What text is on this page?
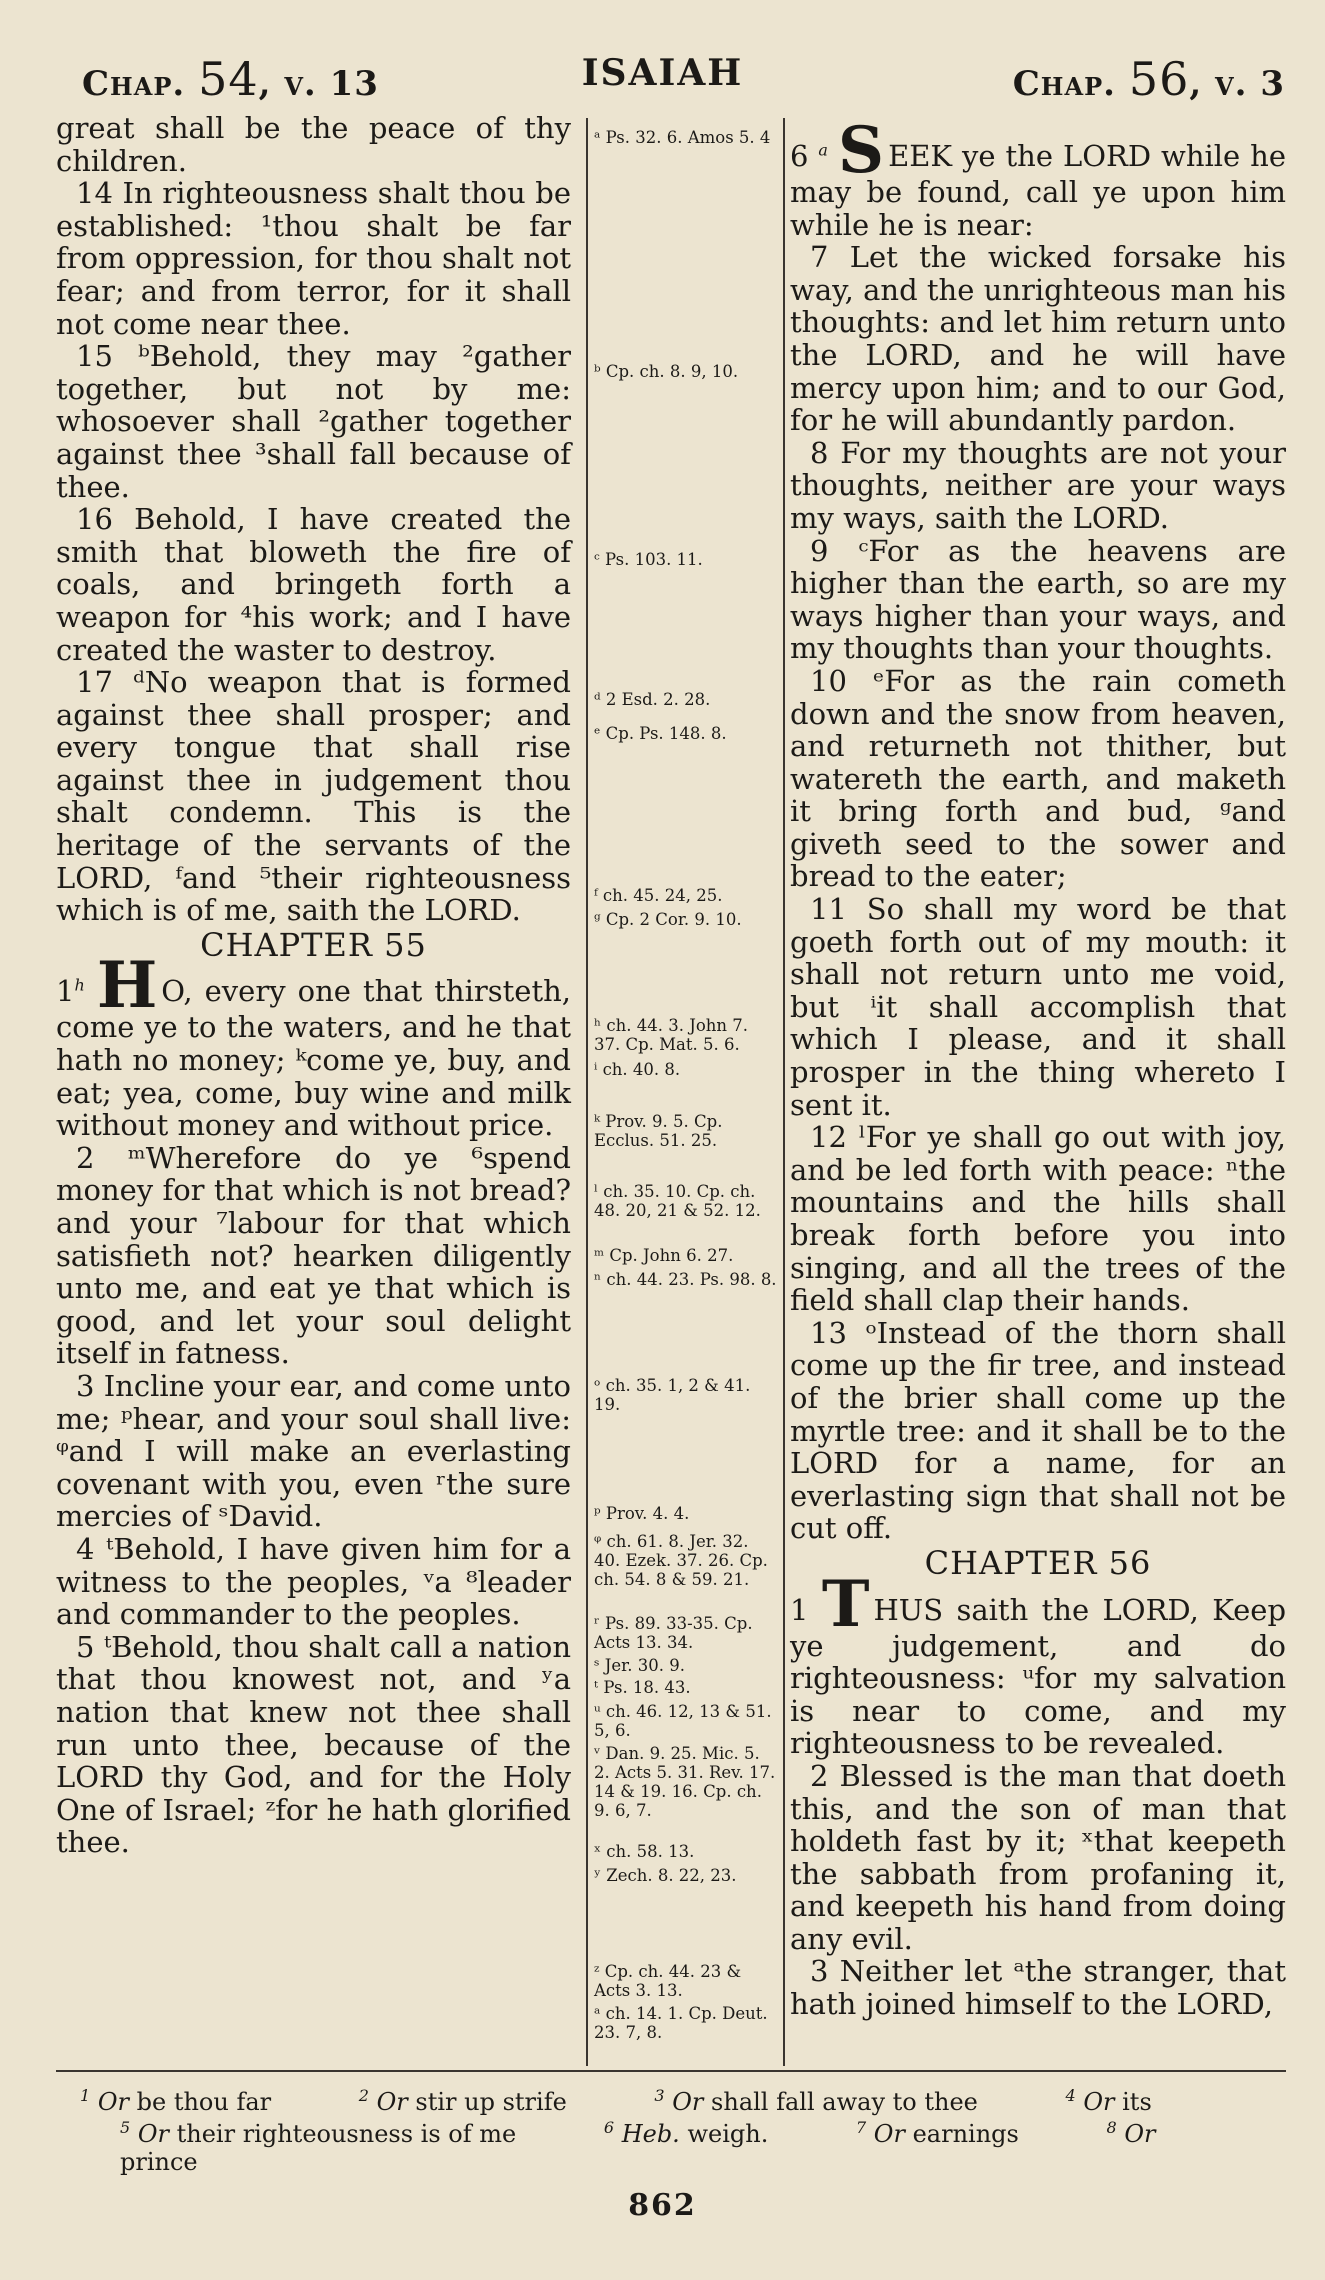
Chap. 54, v. 13	ISAIAH	Chap. 56, v. 3

great shall be the peace of thy children.

14 In righteousness shalt thou be established: ¹thou shalt be far from oppression, for thou shalt not fear; and from terror, for it shall not come near thee.

15 ᵇBehold, they may ²gather together, but not by me: whosoever shall ²gather together against thee ³shall fall because of thee.

16 Behold, I have created the smith that bloweth the fire of coals, and bringeth forth a weapon for ⁴his work; and I have created the waster to destroy.

17 ᵈNo weapon that is formed against thee shall prosper; and every tongue that shall rise against thee in judgement thou shalt condemn. This is the heritage of the servants of the LORD, ᶠand ⁵their righteousness which is of me, saith the LORD.

CHAPTER 55

1$^h$ H O, every one that thirsteth, come ye to the waters, and he that hath no money; ᵏcome ye, buy, and eat; yea, come, buy wine and milk without money and without price.

2 ᵐWherefore do ye ⁶spend money for that which is not bread? and your ⁷labour for that which satisfieth not? hearken diligently unto me, and eat ye that which is good, and let your soul delight itself in fatness.

3 Incline your ear, and come unto me; ᵖhear, and your soul shall live: ᵠand I will make an everlasting covenant with you, even ʳthe sure mercies of ˢDavid.

4 ᵗBehold, I have given him for a witness to the peoples, ᵛa ⁸leader and commander to the peoples.

5 ᵗBehold, thou shalt call a nation that thou knowest not, and ʸa nation that knew not thee shall run unto thee, because of the LORD thy God, and for the Holy One of Israel; ᶻfor he hath glorified thee.

ᵃ Ps. 32. 6. Amos 5. 4
ᵇ Cp. ch. 8. 9, 10.
ᶜ Ps. 103. 11.
ᵈ 2 Esd. 2. 28.
ᵉ Cp. Ps. 148. 8.
ᶠ ch. 45. 24, 25.
ᵍ Cp. 2 Cor. 9. 10.
ʰ ch. 44. 3. John 7. 37. Cp. Mat. 5. 6.
ⁱ ch. 40. 8.
ᵏ Prov. 9. 5. Cp. Ecclus. 51. 25.
ˡ ch. 35. 10. Cp. ch. 48. 20, 21 & 52. 12.
ᵐ Cp. John 6. 27.
ⁿ ch. 44. 23. Ps. 98. 8.
ᵒ ch. 35. 1, 2 & 41. 19.
ᵖ Prov. 4. 4.
ᵠ ch. 61. 8. Jer. 32. 40. Ezek. 37. 26. Cp. ch. 54. 8 & 59. 21.
ʳ Ps. 89. 33-35. Cp. Acts 13. 34.
ˢ Jer. 30. 9.
ᵗ Ps. 18. 43.
ᵘ ch. 46. 12, 13 & 51. 5, 6.
ᵛ Dan. 9. 25. Mic. 5. 2. Acts 5. 31. Rev. 17. 14 & 19. 16. Cp. ch. 9. 6, 7.
ˣ ch. 58. 13.
ʸ Zech. 8. 22, 23.
ᶻ Cp. ch. 44. 23 & Acts 3. 13.
ᵃ ch. 14. 1. Cp. Deut. 23. 7, 8.

6 $^a$ S EEK ye the LORD while he may be found, call ye upon him while he is near:

7 Let the wicked forsake his way, and the unrighteous man his thoughts: and let him return unto the LORD, and he will have mercy upon him; and to our God, for he will abundantly pardon.

8 For my thoughts are not your thoughts, neither are your ways my ways, saith the LORD.

9 ᶜFor as the heavens are higher than the earth, so are my ways higher than your ways, and my thoughts than your thoughts.

10 ᵉFor as the rain cometh down and the snow from heaven, and returneth not thither, but watereth the earth, and maketh it bring forth and bud, ᵍand giveth seed to the sower and bread to the eater;

11 So shall my word be that goeth forth out of my mouth: it shall not return unto me void, but ⁱit shall accomplish that which I please, and it shall prosper in the thing whereto I sent it.

12 ˡFor ye shall go out with joy, and be led forth with peace: ⁿthe mountains and the hills shall break forth before you into singing, and all the trees of the field shall clap their hands.

13 ᵒInstead of the thorn shall come up the fir tree, and instead of the brier shall come up the myrtle tree: and it shall be to the LORD for a name, for an everlasting sign that shall not be cut off.

CHAPTER 56

1 T HUS saith the LORD, Keep ye judgement, and do righteousness: ᵘfor my salvation is near to come, and my righteousness to be revealed.

2 Blessed is the man that doeth this, and the son of man that holdeth fast by it; ˣthat keepeth the sabbath from profaning it, and keepeth his hand from doing any evil.

3 Neither let ᵃthe stranger, that hath joined himself to the LORD,

$^1$ Or be thou far	$^2$ Or stir up strife	$^3$ Or shall fall away to thee	$^4$ Or its
$^5$ Or their righteousness is of me	$^6$ Heb. weigh.	$^7$ Or earnings	$^8$ Or prince
862
